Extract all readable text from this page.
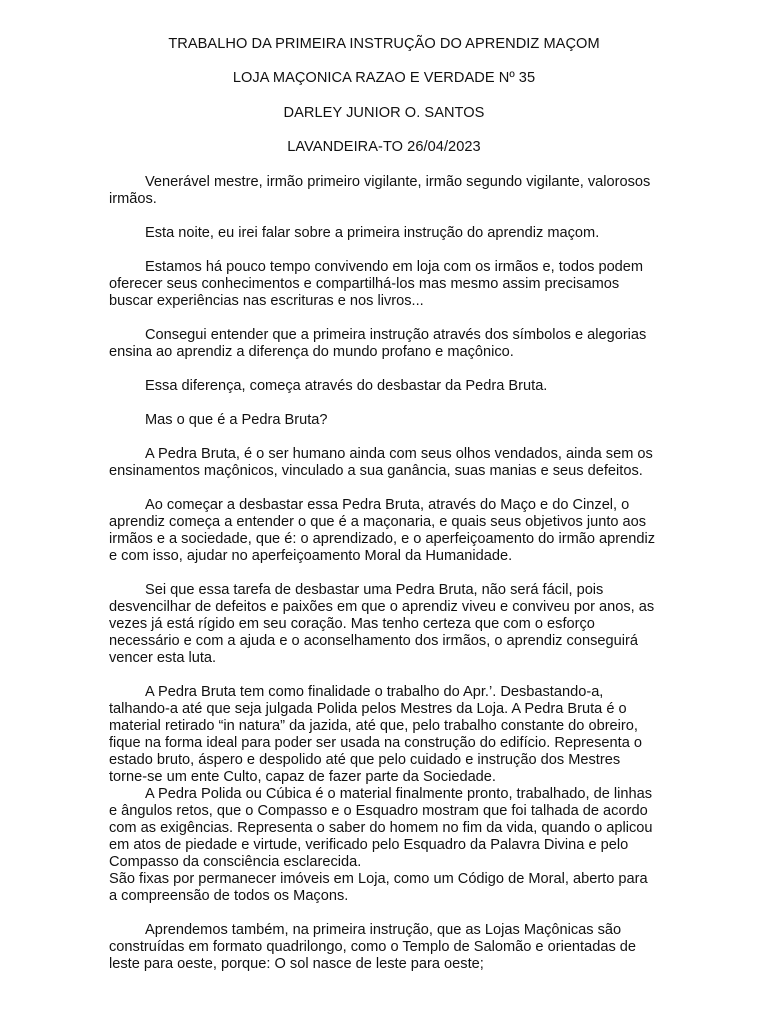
TRABALHO DA PRIMEIRA INSTRUÇÃO DO APRENDIZ MAÇOM
LOJA MAÇONICA RAZAO E VERDADE Nº 35
DARLEY JUNIOR O. SANTOS
LAVANDEIRA-TO 26/04/2023

Venerável mestre, irmão primeiro vigilante, irmão segundo vigilante, valorosos irmãos.

Esta noite, eu irei falar sobre a primeira instrução do aprendiz maçom.

Estamos há pouco tempo convivendo em loja com os irmãos e, todos podem oferecer seus conhecimentos e compartilhá-los mas mesmo assim precisamos buscar experiências nas escrituras e nos livros...

Consegui entender que a primeira instrução através dos símbolos e alegorias ensina ao aprendiz a diferença do mundo profano e maçônico.

Essa diferença, começa através do desbastar da Pedra Bruta.

Mas o que é a Pedra Bruta?

A Pedra Bruta, é o ser humano ainda com seus olhos vendados, ainda sem os ensinamentos maçônicos, vinculado a sua ganância, suas manias e seus defeitos.

Ao começar a desbastar essa Pedra Bruta, através do Maço e do Cinzel, o aprendiz começa a entender o que é a maçonaria, e quais seus objetivos junto aos irmãos e a sociedade, que é: o aprendizado, e o aperfeiçoamento do irmão aprendiz e com isso, ajudar no aperfeiçoamento Moral da Humanidade.

Sei que essa tarefa de desbastar uma Pedra Bruta, não será fácil, pois desvencilhar de defeitos e paixões em que o aprendiz viveu e conviveu por anos, as vezes já está rígido em seu coração. Mas tenho certeza que com o esforço necessário e com a ajuda e o aconselhamento dos irmãos, o aprendiz conseguirá vencer esta luta.

A Pedra Bruta tem como finalidade o trabalho do Apr.’. Desbastando-a, talhando-a até que seja julgada Polida pelos Mestres da Loja. A Pedra Bruta é o material retirado “in natura” da jazida, até que, pelo trabalho constante do obreiro, fique na forma ideal para poder ser usada na construção do edifício. Representa o estado bruto, áspero e despolido até que pelo cuidado e instrução dos Mestres torne-se um ente Culto, capaz de fazer parte da Sociedade.

A Pedra Polida ou Cúbica é o material finalmente pronto, trabalhado, de linhas e ângulos retos, que o Compasso e o Esquadro mostram que foi talhada de acordo com as exigências. Representa o saber do homem no fim da vida, quando o aplicou em atos de piedade e virtude, verificado pelo Esquadro da Palavra Divina e pelo Compasso da consciência esclarecida.

São fixas por permanecer imóveis em Loja, como um Código de Moral, aberto para a compreensão de todos os Maçons.

Aprendemos também, na primeira instrução, que as Lojas Maçônicas são construídas em formato quadrilongo, como o Templo de Salomão e orientadas de leste para oeste, porque: O sol nasce de leste para oeste;
